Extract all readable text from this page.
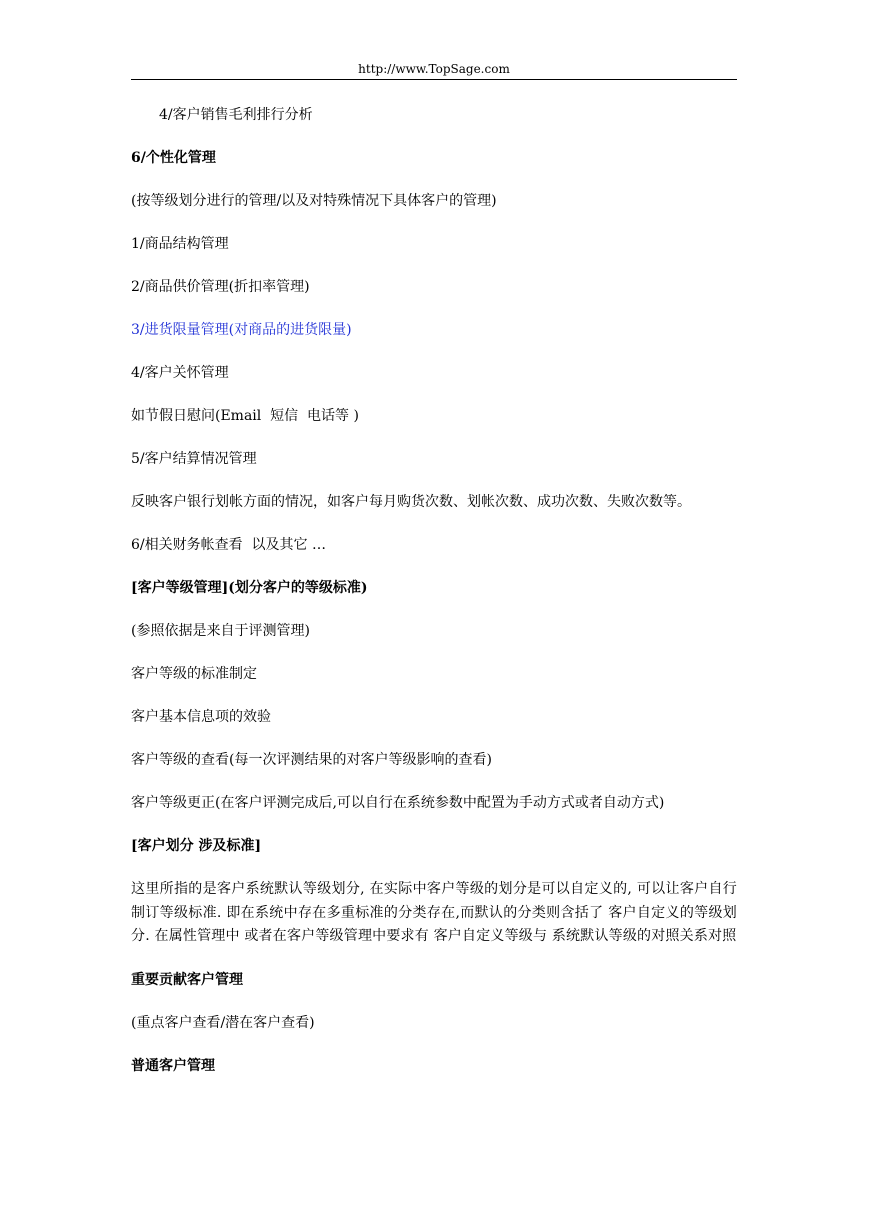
http://www.TopSage.com

4/客户销售毛利排行分析

6/个性化管理

(按等级划分进行的管理/以及对特殊情况下具体客户的管理)

1/商品结构管理

2/商品供价管理(折扣率管理)

3/进货限量管理(对商品的进货限量)

4/客户关怀管理

如节假日慰问(Email  短信  电话等 )

5/客户结算情况管理

反映客户银行划帐方面的情况，如客户每月购货次数、划帐次数、成功次数、失败次数等。

6/相关财务帐查看  以及其它 …

[客户等级管理](划分客户的等级标准)

(参照依据是来自于评测管理)

客户等级的标准制定

客户基本信息项的效验

客户等级的查看(每一次评测结果的对客户等级影响的查看)

客户等级更正(在客户评测完成后,可以自行在系统参数中配置为手动方式或者自动方式)

[客户划分 涉及标准]

这里所指的是客户系统默认等级划分, 在实际中客户等级的划分是可以自定义的, 可以让客户自行制订等级标准. 即在系统中存在多重标准的分类存在,而默认的分类则含括了 客户自定义的等级划分. 在属性管理中 或者在客户等级管理中要求有 客户自定义等级与 系统默认等级的对照关系对照

重要贡献客户管理

(重点客户查看/潜在客户查看)

普通客户管理
